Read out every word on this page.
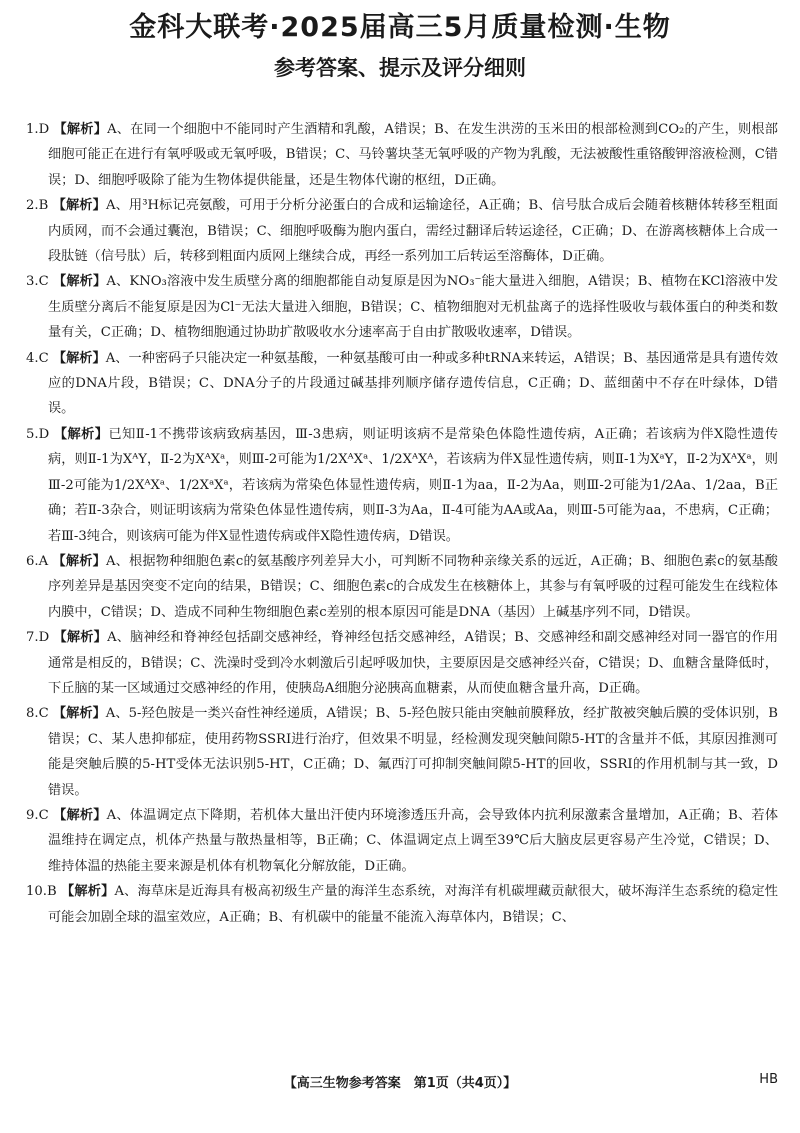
金科大联考·2025届高三5月质量检测·生物
参考答案、提示及评分细则
1.D 【解析】A、在同一个细胞中不能同时产生酒精和乳酸，A错误；B、在发生洪涝的玉米田的根部检测到CO₂的产生，则根部细胞可能正在进行有氧呼吸或无氧呼吸，B错误；C、马铃薯块茎无氧呼吸的产物为乳酸，无法被酸性重铬酸钾溶液检测，C错误；D、细胞呼吸除了能为生物体提供能量，还是生物体代谢的枢纽，D正确。
2.B 【解析】A、用³H标记亮氨酸，可用于分析分泌蛋白的合成和运输途径，A正确；B、信号肽合成后会随着核糖体转移至粗面内质网，而不会通过囊泡，B错误；C、细胞呼吸酶为胞内蛋白，需经过翻译后转运途径，C正确；D、在游离核糖体上合成一段肽链（信号肽）后，转移到粗面内质网上继续合成，再经一系列加工后转运至溶酶体，D正确。
3.C 【解析】A、KNO₃溶液中发生质壁分离的细胞都能自动复原是因为NO₃⁻能大量进入细胞，A错误；B、植物在KCl溶液中发生质壁分离后不能复原是因为Cl⁻无法大量进入细胞，B错误；C、植物细胞对无机盐离子的选择性吸收与载体蛋白的种类和数量有关，C正确；D、植物细胞通过协助扩散吸收水分速率高于自由扩散吸收速率，D错误。
4.C 【解析】A、一种密码子只能决定一种氨基酸，一种氨基酸可由一种或多种tRNA来转运，A错误；B、基因通常是具有遗传效应的DNA片段，B错误；C、DNA分子的片段通过碱基排列顺序储存遗传信息，C正确；D、蓝细菌中不存在叶绿体，D错误。
5.D 【解析】已知Ⅱ-1不携带该病致病基因，Ⅲ-3患病，则证明该病不是常染色体隐性遗传病，A正确；若该病为伴X隐性遗传病，则Ⅱ-1为XᴬY，Ⅱ-2为XᴬXᵃ，则Ⅲ-2可能为1/2XᴬXᵃ、1/2XᴬXᴬ，若该病为伴X显性遗传病，则Ⅱ-1为XᵃY，Ⅱ-2为XᴬXᵃ，则Ⅲ-2可能为1/2XᴬXᵃ、1/2XᵃXᵃ，若该病为常染色体显性遗传病，则Ⅱ-1为aa，Ⅱ-2为Aa，则Ⅲ-2可能为1/2Aa、1/2aa，B正确；若Ⅱ-3杂合，则证明该病为常染色体显性遗传病，则Ⅱ-3为Aa，Ⅱ-4可能为AA或Aa，则Ⅲ-5可能为aa，不患病，C正确；若Ⅲ-3纯合，则该病可能为伴X显性遗传病或伴X隐性遗传病，D错误。
6.A 【解析】A、根据物种细胞色素c的氨基酸序列差异大小，可判断不同物种亲缘关系的远近，A正确；B、细胞色素c的氨基酸序列差异是基因突变不定向的结果，B错误；C、细胞色素c的合成发生在核糖体上，其参与有氧呼吸的过程可能发生在线粒体内膜中，C错误；D、造成不同种生物细胞色素c差别的根本原因可能是DNA（基因）上碱基序列不同，D错误。
7.D 【解析】A、脑神经和脊神经包括副交感神经，脊神经包括交感神经，A错误；B、交感神经和副交感神经对同一器官的作用通常是相反的，B错误；C、洗澡时受到冷水刺激后引起呼吸加快，主要原因是交感神经兴奋，C错误；D、血糖含量降低时，下丘脑的某一区域通过交感神经的作用，使胰岛A细胞分泌胰高血糖素，从而使血糖含量升高，D正确。
8.C 【解析】A、5-羟色胺是一类兴奋性神经递质，A错误；B、5-羟色胺只能由突触前膜释放，经扩散被突触后膜的受体识别，B错误；C、某人患抑郁症，使用药物SSRI进行治疗，但效果不明显，经检测发现突触间隙5-HT的含量并不低，其原因推测可能是突触后膜的5-HT受体无法识别5-HT，C正确；D、氟西汀可抑制突触间隙5-HT的回收，SSRI的作用机制与其一致，D错误。
9.C 【解析】A、体温调定点下降期，若机体大量出汗使内环境渗透压升高，会导致体内抗利尿激素含量增加，A正确；B、若体温维持在调定点，机体产热量与散热量相等，B正确；C、体温调定点上调至39℃后大脑皮层更容易产生冷觉，C错误；D、维持体温的热能主要来源是机体有机物氧化分解放能，D正确。
10.B 【解析】A、海草床是近海具有极高初级生产量的海洋生态系统，对海洋有机碳埋藏贡献很大，破坏海洋生态系统的稳定性可能会加剧全球的温室效应，A正确；B、有机碳中的能量不能流入海草体内，B错误；C、
【高三生物参考答案　第1页（共4页）】	HB
